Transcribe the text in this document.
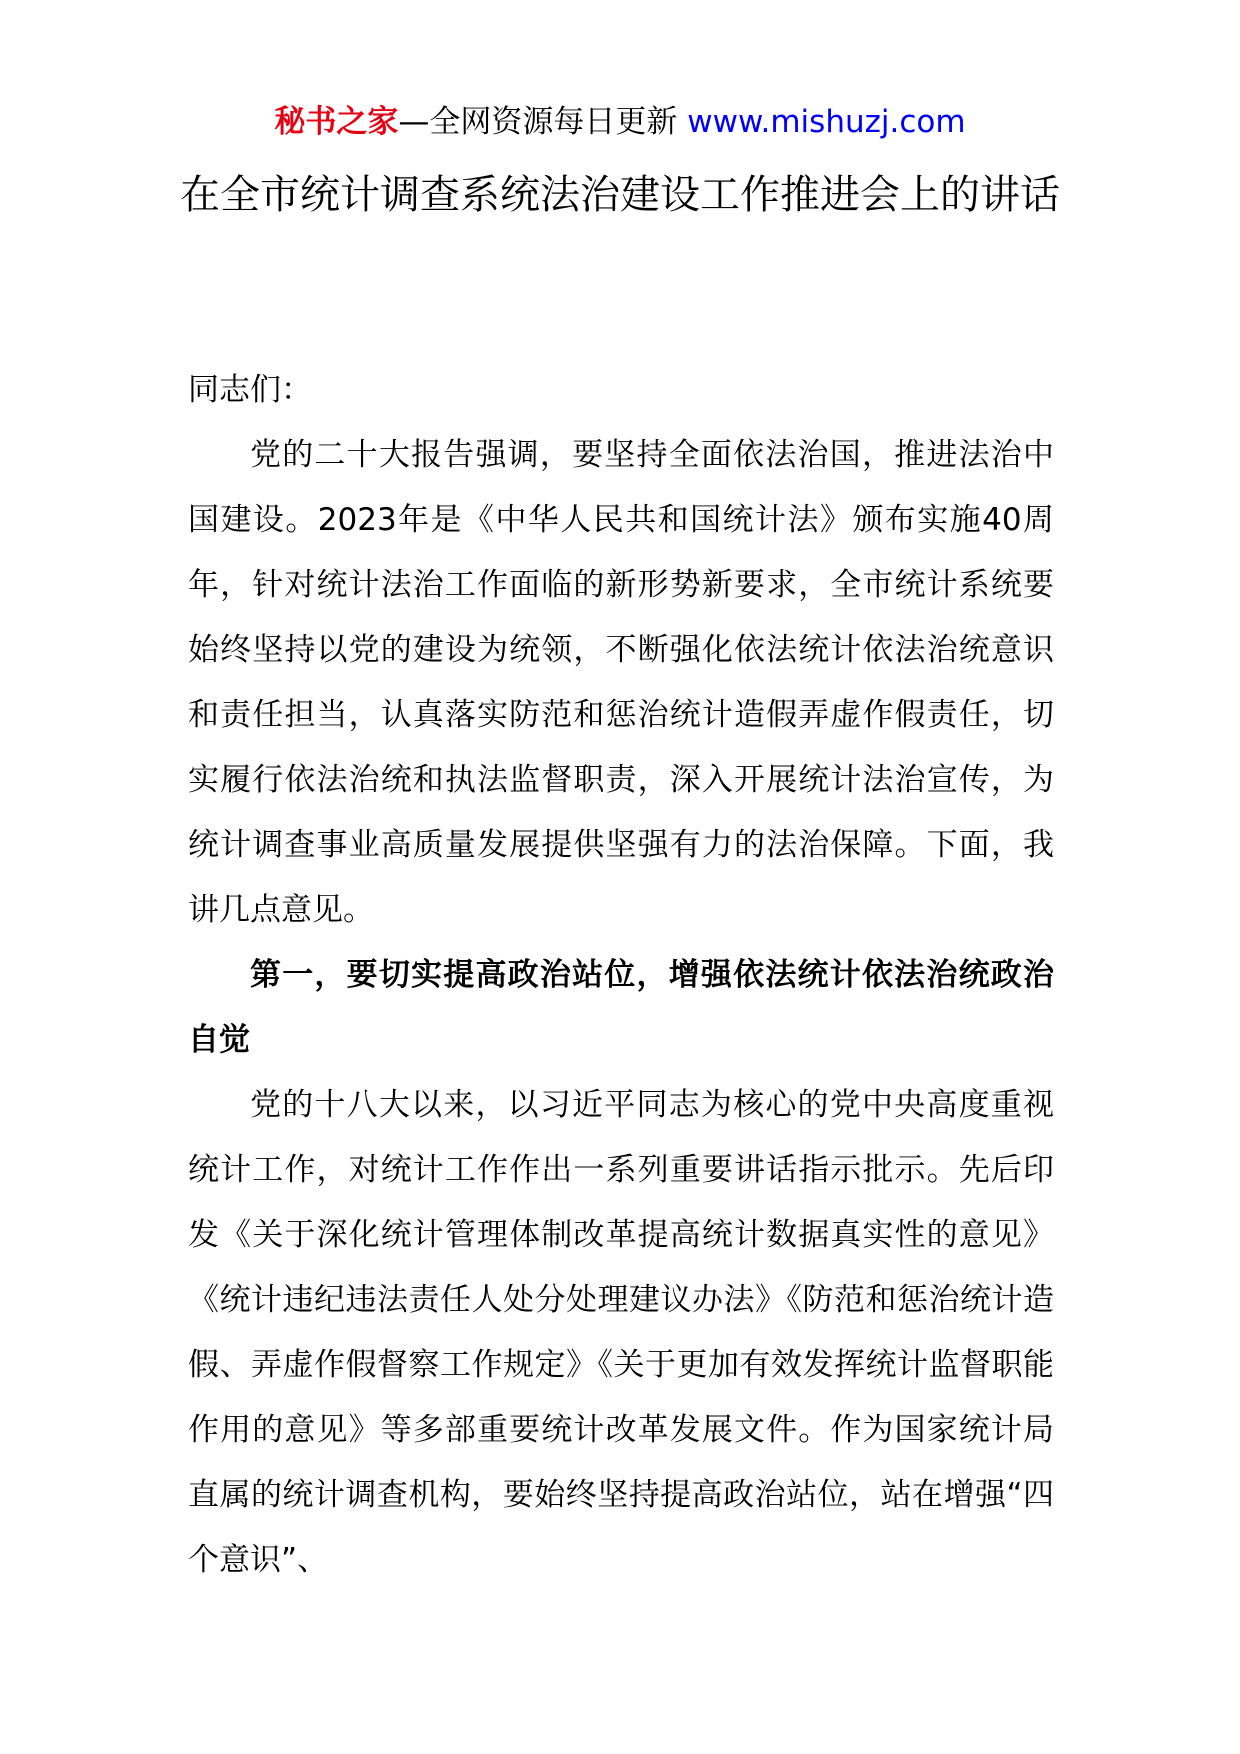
秘书之家—全网资源每日更新 www.mishuzj.com
在全市统计调查系统法治建设工作推进会上的讲话

同志们：

党的二十大报告强调，要坚持全面依法治国，推进法治中国建设。2023年是《中华人民共和国统计法》颁布实施40周年，针对统计法治工作面临的新形势新要求，全市统计系统要始终坚持以党的建设为统领，不断强化依法统计依法治统意识和责任担当，认真落实防范和惩治统计造假弄虚作假责任，切实履行依法治统和执法监督职责，深入开展统计法治宣传，为统计调查事业高质量发展提供坚强有力的法治保障。下面，我讲几点意见。

第一，要切实提高政治站位，增强依法统计依法治统政治自觉

党的十八大以来，以习近平同志为核心的党中央高度重视统计工作，对统计工作作出一系列重要讲话指示批示。先后印发《关于深化统计管理体制改革提高统计数据真实性的意见》《统计违纪违法责任人处分处理建议办法》《防范和惩治统计造假、弄虚作假督察工作规定》《关于更加有效发挥统计监督职能作用的意见》等多部重要统计改革发展文件。作为国家统计局直属的统计调查机构，要始终坚持提高政治站位，站在增强“四个意识”、
